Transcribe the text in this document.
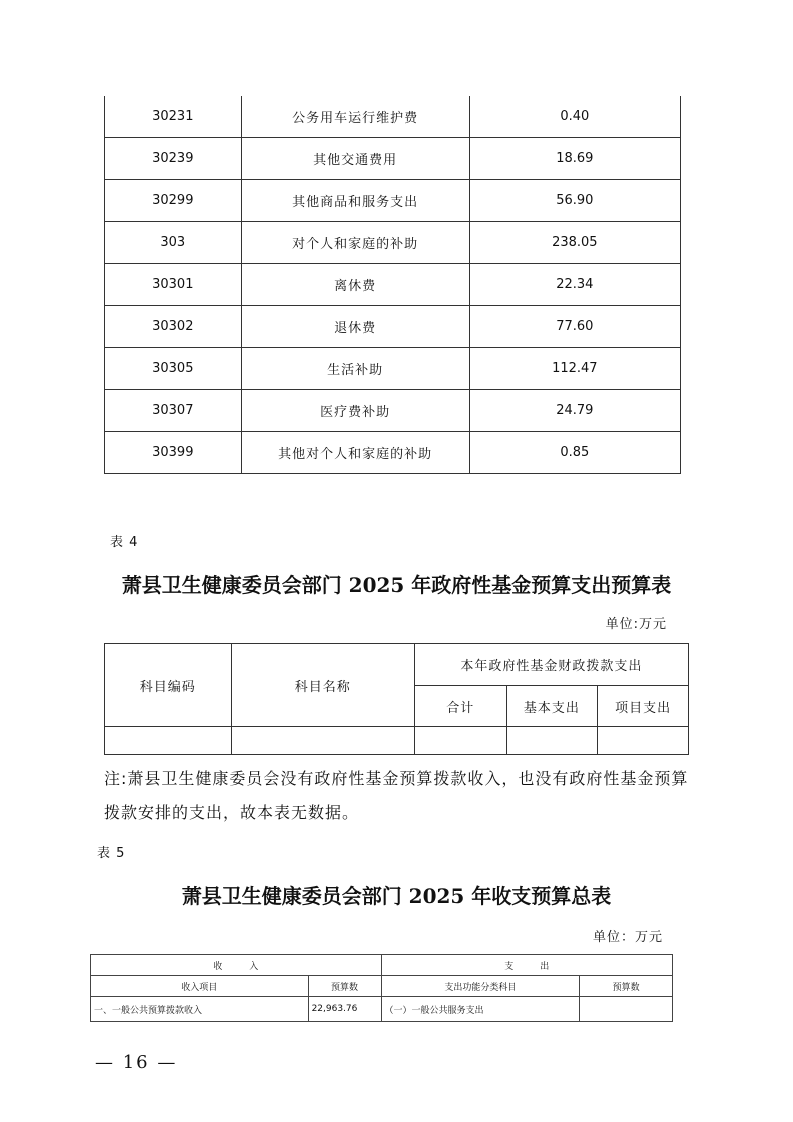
30231	公务用车运行维护费	0.40
30239	其他交通费用	18.69
30299	其他商品和服务支出	56.90
303	对个人和家庭的补助	238.05
30301	离休费	22.34
30302	退休费	77.60
30305	生活补助	112.47
30307	医疗费补助	24.79
30399	其他对个人和家庭的补助	0.85
表 4
萧县卫生健康委员会部门 2025 年政府性基金预算支出预算表
单位:万元
科目编码	科目名称	本年政府性基金财政拨款支出		
		合计	基本支出	项目支出

注:萧县卫生健康委员会没有政府性基金预算拨款收入，也没有政府性基金预算拨款安排的支出，故本表无数据。
表 5
萧县卫生健康委员会部门 2025 年收支预算总表
单位：万元
收　　　入		支　　　出	
收入项目	预算数	支出功能分类科目	预算数
一、一般公共预算拨款收入	22,963.76	（一）一般公共服务支出	
— 16 —
